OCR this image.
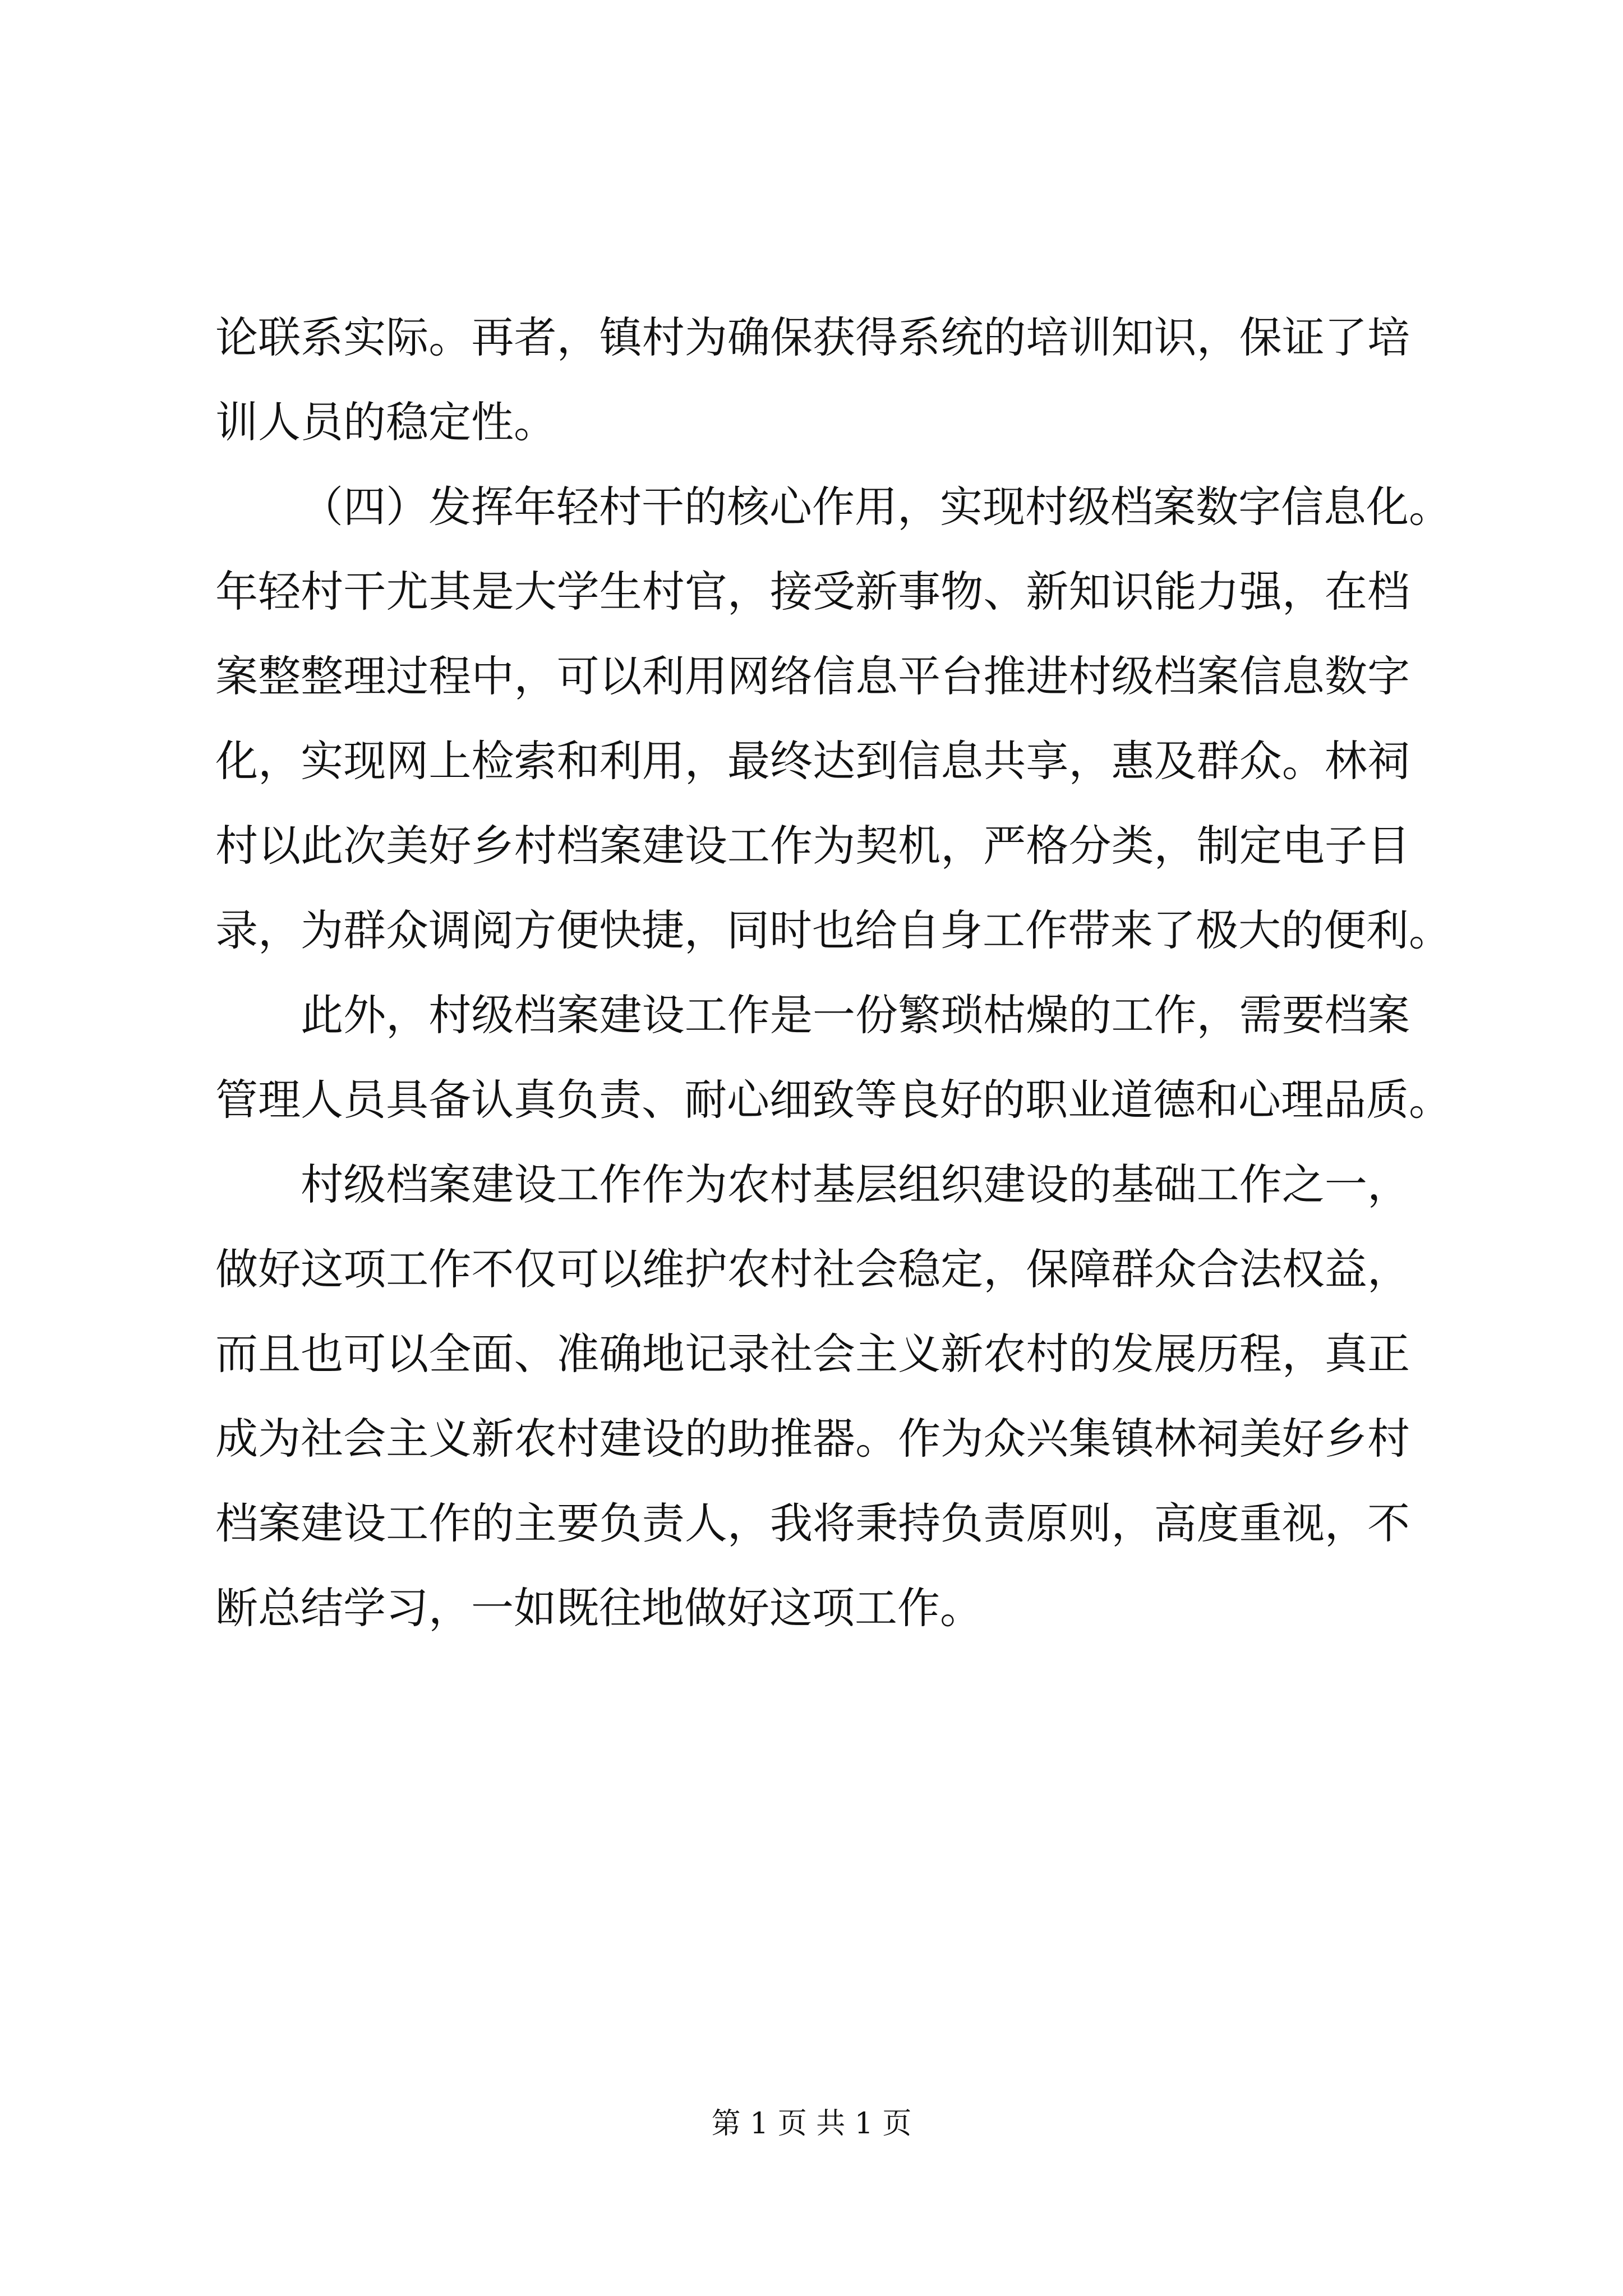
论联系实际。再者，镇村为确保获得系统的培训知识，保证了培
训人员的稳定性。
（四）发挥年轻村干的核心作用，实现村级档案数字信息化。
年轻村干尤其是大学生村官，接受新事物、新知识能力强，在档
案整整理过程中，可以利用网络信息平台推进村级档案信息数字
化，实现网上检索和利用，最终达到信息共享，惠及群众。林祠
村以此次美好乡村档案建设工作为契机，严格分类，制定电子目
录，为群众调阅方便快捷，同时也给自身工作带来了极大的便利。
此外，村级档案建设工作是一份繁琐枯燥的工作，需要档案
管理人员具备认真负责、耐心细致等良好的职业道德和心理品质。
村级档案建设工作作为农村基层组织建设的基础工作之一，
做好这项工作不仅可以维护农村社会稳定，保障群众合法权益，
而且也可以全面、准确地记录社会主义新农村的发展历程，真正
成为社会主义新农村建设的助推器。作为众兴集镇林祠美好乡村
档案建设工作的主要负责人，我将秉持负责原则，高度重视，不
断总结学习，一如既往地做好这项工作。
第 1 页 共 1 页
